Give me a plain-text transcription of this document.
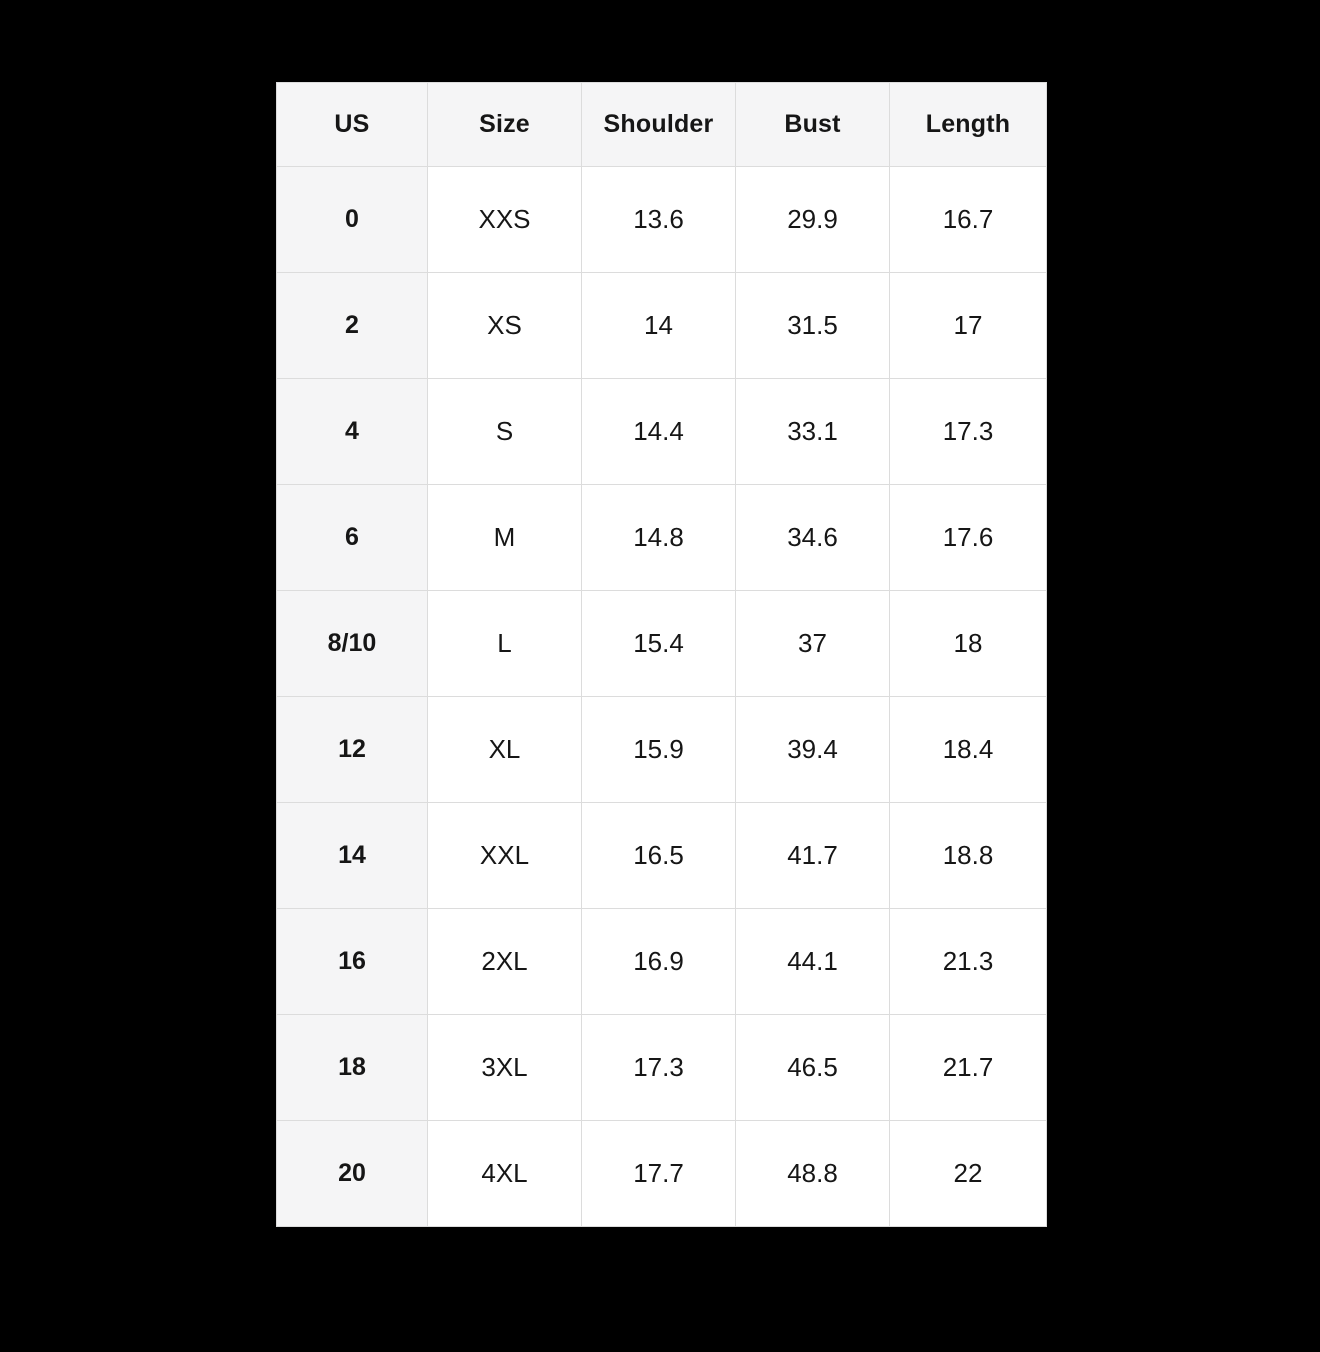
US	Size	Shoulder	Bust	Length
0	XXS	13.6	29.9	16.7
2	XS	14	31.5	17
4	S	14.4	33.1	17.3
6	M	14.8	34.6	17.6
8/10	L	15.4	37	18
12	XL	15.9	39.4	18.4
14	XXL	16.5	41.7	18.8
16	2XL	16.9	44.1	21.3
18	3XL	17.3	46.5	21.7
20	4XL	17.7	48.8	22
